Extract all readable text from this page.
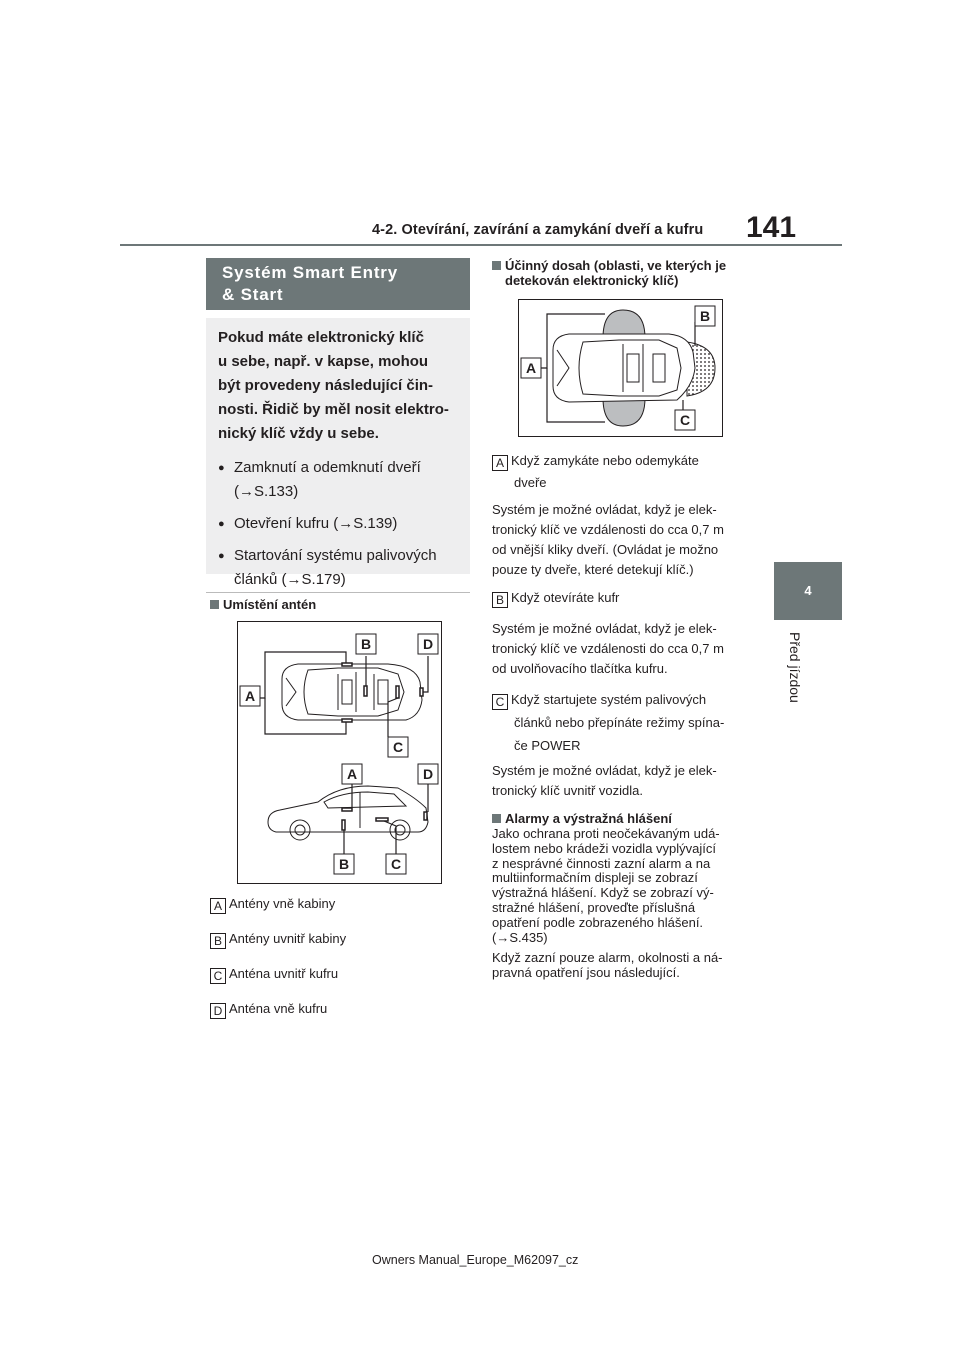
4-2. Otevírání, zavírání a zamykání dveří a kufru 141
4
Před jízdou
Systém Smart Entry
& Start
Pokud máte elektronický klíč
u sebe, např. v kapse, mohou
být provedeny následující čin-
nosti. Řidič by měl nosit elektro-
nický klíč vždy u sebe.
● Zamknutí a odemknutí dveří
(→S.133)
● Otevření kufru (→S.139)
● Startování systému palivových
článků (→S.179)
Umístění antén
A
B	D
C
A	D
B	C
A Antény vně kabiny
B Antény uvnitř kabiny
C Anténa uvnitř kufru
D Anténa vně kufru
Účinný dosah (oblasti, ve kterých je
detekován elektronický klíč)
A
B
C
A Když zamykáte nebo odemykáte
dveře
Systém je možné ovládat, když je elek-
tronický klíč ve vzdálenosti do cca 0,7 m
od vnější kliky dveří. (Ovládat je možno
pouze ty dveře, které detekují klíč.)
B Když otevíráte kufr
Systém je možné ovládat, když je elek-
tronický klíč ve vzdálenosti do cca 0,7 m
od uvolňovacího tlačítka kufru.
C Když startujete systém palivových
článků nebo přepínáte režimy spína-
če POWER
Systém je možné ovládat, když je elek-
tronický klíč uvnitř vozidla.
Alarmy a výstražná hlášení
Jako ochrana proti neočekávaným udá-
lostem nebo krádeži vozidla vyplývající
z nesprávné činnosti zazní alarm a na
multiinformačním displeji se zobrazí
výstražná hlášení. Když se zobrazí vý-
stražné hlášení, proveďte příslušná
opatření podle zobrazeného hlášení.
(→S.435)
Když zazní pouze alarm, okolnosti a ná-
pravná opatření jsou následující.
Owners Manual_Europe_M62097_cz
